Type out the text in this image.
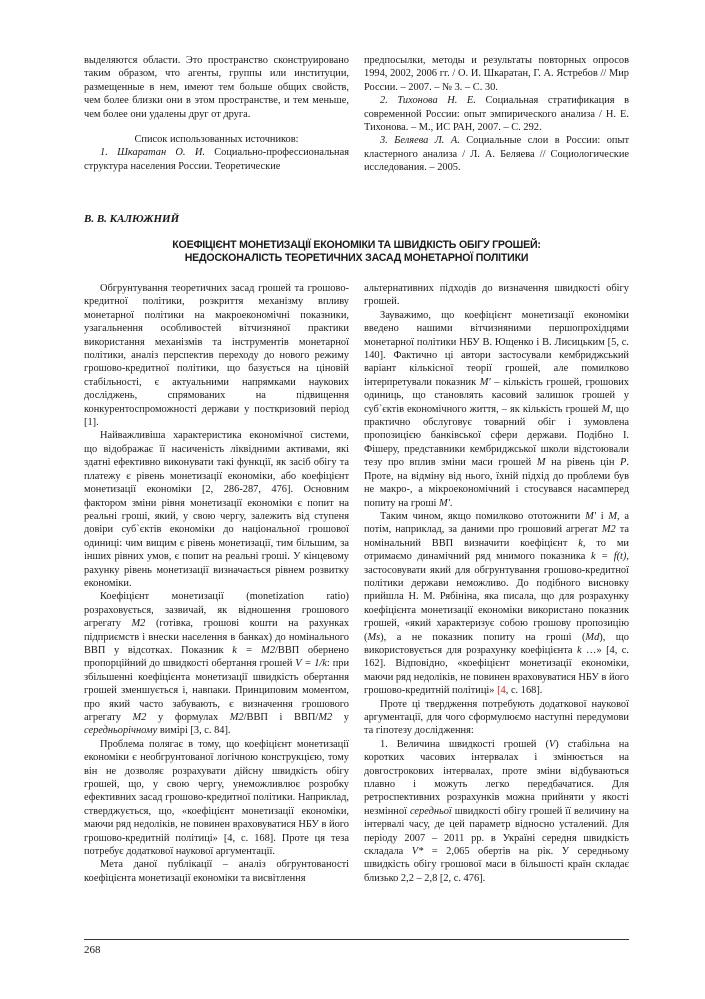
выделяются области. Это пространство сконструировано таким образом, что агенты, группы или институции, размещенные в нем, имеют тем больше общих свойств, чем более близки они в этом пространстве, и тем меньше, чем более они удалены друг от друга.

Список использованных источников:

1. Шкаратан О. И. Социально-профессиональная структура населения России. Теоретические

предпосылки, методы и результаты повторных опросов 1994, 2002, 2006 гг. / О. И. Шкаратан, Г. А. Ястребов // Мир России. – 2007. – № 3. – С. 30.

2. Тихонова Н. Е. Социальная стратификация в современной России: опыт эмпирического анализа / Н. Е. Тихонова. – М., ИС РАН, 2007. – С. 292.

3. Беляева Л. А. Социальные слои в России: опыт кластерного анализа / Л. А. Беляева // Социологические исследования. – 2005.

В. В. КАЛЮЖНИЙ
КОЕФІЦІЄНТ МОНЕТИЗАЦІЇ ЕКОНОМІКИ ТА ШВИДКІСТЬ ОБІГУ ГРОШЕЙ:
НЕДОСКОНАЛІСТЬ ТЕОРЕТИЧНИХ ЗАСАД МОНЕТАРНОЇ ПОЛІТИКИ

Обгрунтування теоретичних засад грошей та грошово-кредитної політики, розкриття механізму впливу монетарної політики на макроекономічні показники, узагальнення особливостей вітчизняної практики використання механізмів та інструментів монетарної політики, аналіз перспектив переходу до нового режиму грошово-кредитної політики, що базується на ціновій стабільності, є актуальними напрямками наукових досліджень, спрямованих на підвищення конкурентоспроможності держави у посткризовий період [1].

Найважливіша характеристика економічної системи, що відображає її насиченість ліквідними активами, які здатні ефективно виконувати такі функції, як засіб обігу та платежу є рівень монетизації економіки, або коефіцієнт монетизації економіки [2, 286-287, 476]. Основним фактором зміни рівня монетизації економіки є попит на реальні гроші, який, у свою чергу, залежить від ступеня довіри суб`єктів економіки до національної грошової одиниці: чим вищим є рівень монетизації, тим більшим, за інших рівних умов, є попит на реальні гроші. У кінцевому рахунку рівень монетизації визначається рівнем розвитку економіки.

Коефіцієнт монетизації (monetization ratio) розраховується, зазвичай, як відношення грошового агрегату M2 (готівка, грошові кошти на рахунках підприємств і внески населення в банках) до номінального ВВП у відсотках. Показник k = M2/ВВП обернено пропорційний до швидкості обертання грошей V = 1/k: при збільшенні коефіцієнта монетизації швидкість обертання грошей зменшується і, навпаки. Принциповим моментом, про який часто забувають, є визначення грошового агрегату M2 у формулах M2/ВВП і ВВП/M2 у середньорічному вимірі [3, с. 84].

Проблема полягає в тому, що коефіцієнт монетизації економіки є необгрунтованої логічною конструкцією, тому він не дозволяє розрахувати дійсну швидкість обігу грошей, що, у свою чергу, унеможливлює розробку ефективних засад грошово-кредитної політики. Наприклад, стверджується, що, «коефіцієнт монетизації економіки, маючи ряд недоліків, не повинен враховуватися НБУ в його грошово-кредитній політиці» [4, с. 168]. Проте ця теза потребує додаткової наукової аргументації.

Мета даної публікації – аналіз обгрунтованості коефіцієнта монетизації економіки та висвітлення

альтернативних підходів до визначення швидкості обігу грошей.

Зауважимо, що коефіцієнт монетизації економіки введено нашими вітчизняними першопрохідцями монетарної політики НБУ В. Ющенко і В. Лисицьким [5, с. 140]. Фактично ці автори застосували кембриджський варіант кількісної теорії грошей, але помилково інтерпретували показник M' – кількість грошей, грошових одиниць, що становлять касовий залишок грошей у суб`єктів економічного життя, – як кількість грошей M, що практично обслуговує товарний обіг і зумовлена пропозицією банківської сфери держави. Подібно І. Фішеру, представники кембриджської школи відстоювали тезу про вплив зміни маси грошей M на рівень цін P. Проте, на відміну від нього, їхній підхід до проблеми був не макро-, а мікроекономічний і стосувався насамперед попиту на гроші M'.

Таким чином, якщо помилково ототожнити M' і M, а потім, наприклад, за даними про грошовий агрегат M2 та номінальний ВВП визначити коефіцієнт k, то ми отримаємо динамічний ряд мнимого показника k = f(t), застосовувати який для обгрунтування грошово-кредитної політики держави неможливо. До подібного висновку прийшла Н. М. Рябініна, яка писала, що для розрахунку коефіцієнта монетизації економіки використано показник грошей, «який характеризує собою грошову пропозицію (Ms), а не показник попиту на гроші (Md), що використовується для розрахунку коефіцієнта k …» [4, с. 162]. Відповідно, «коефіцієнт монетизації економіки, маючи ряд недоліків, не повинен враховуватися НБУ в його грошово-кредитній політиці» [4, с. 168].

Проте ці твердження потребують додаткової наукової аргументації, для чого сформулюємо наступні передумови та гіпотезу дослідження:

1. Величина швидкості грошей (V) стабільна на коротких часових інтервалах і змінюється на довгострокових інтервалах, проте зміни відбуваються плавно і можуть легко передбачатися. Для ретроспективних розрахунків можна прийняти у якості незмінної середньої швидкості обігу грошей її величину на інтервалі часу, де цей параметр відносно усталений. Для періоду 2007 – 2011 рр. в Україні середня швидкість складала V* = 2,065 обертів на рік. У середньому швидкість обігу грошової маси в більшості країн складає близько 2,2 – 2,8 [2, с. 476].

268
